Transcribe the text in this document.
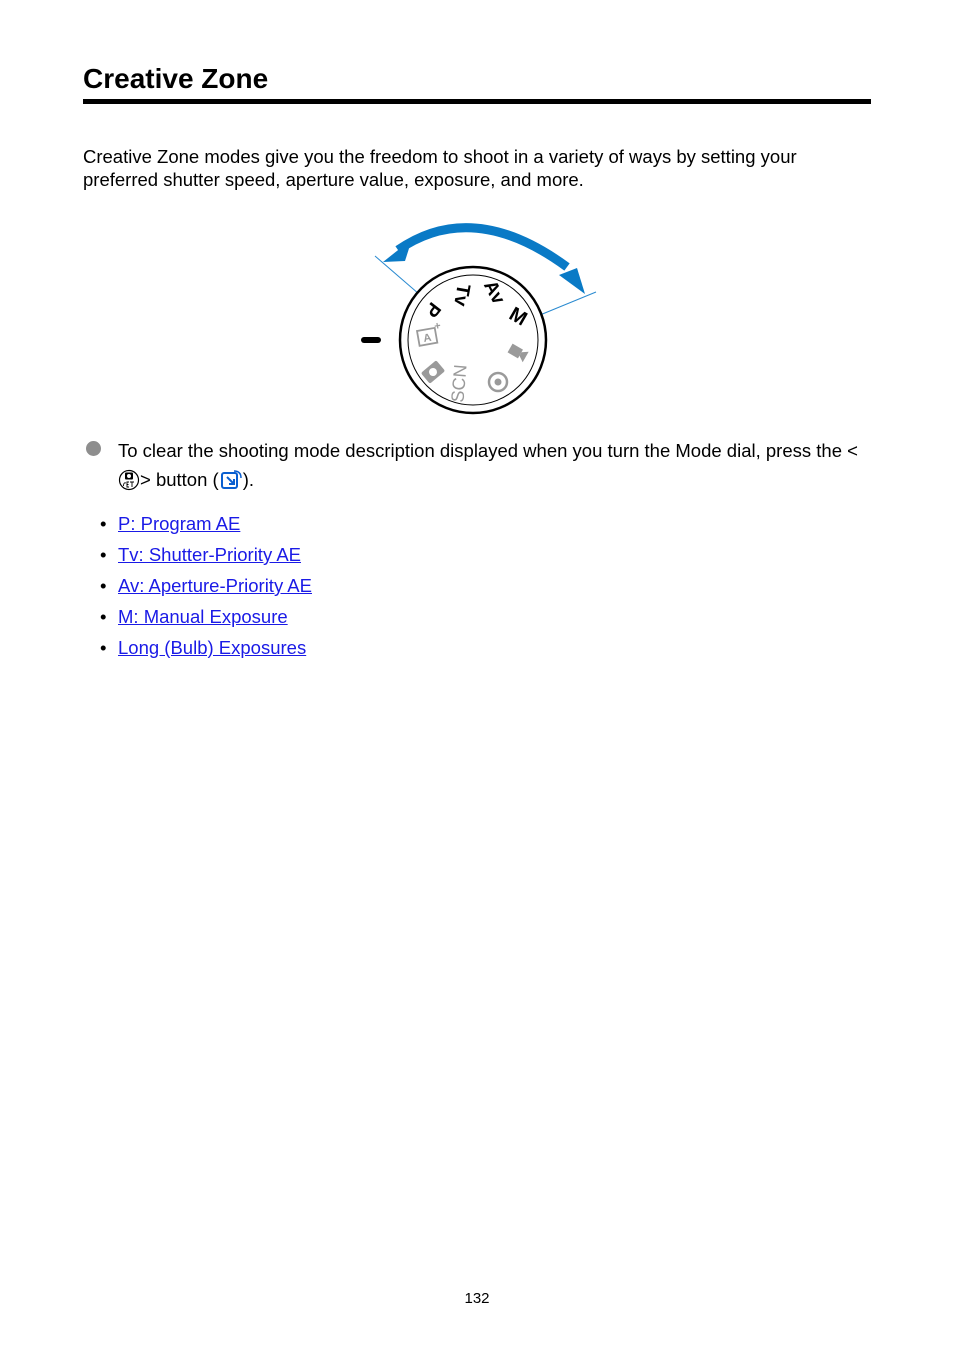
Creative Zone

Creative Zone modes give you the freedom to shoot in a variety of ways by setting your preferred shutter speed, aperture value, exposure, and more.

P
Tv Av
M
A
+
SCN

To clear the shooting mode description displayed when you turn the Mode dial, press the <> button ( ).

• P: Program AE
• Tv: Shutter-Priority AE
• Av: Aperture-Priority AE
• M: Manual Exposure
• Long (Bulb) Exposures
132
